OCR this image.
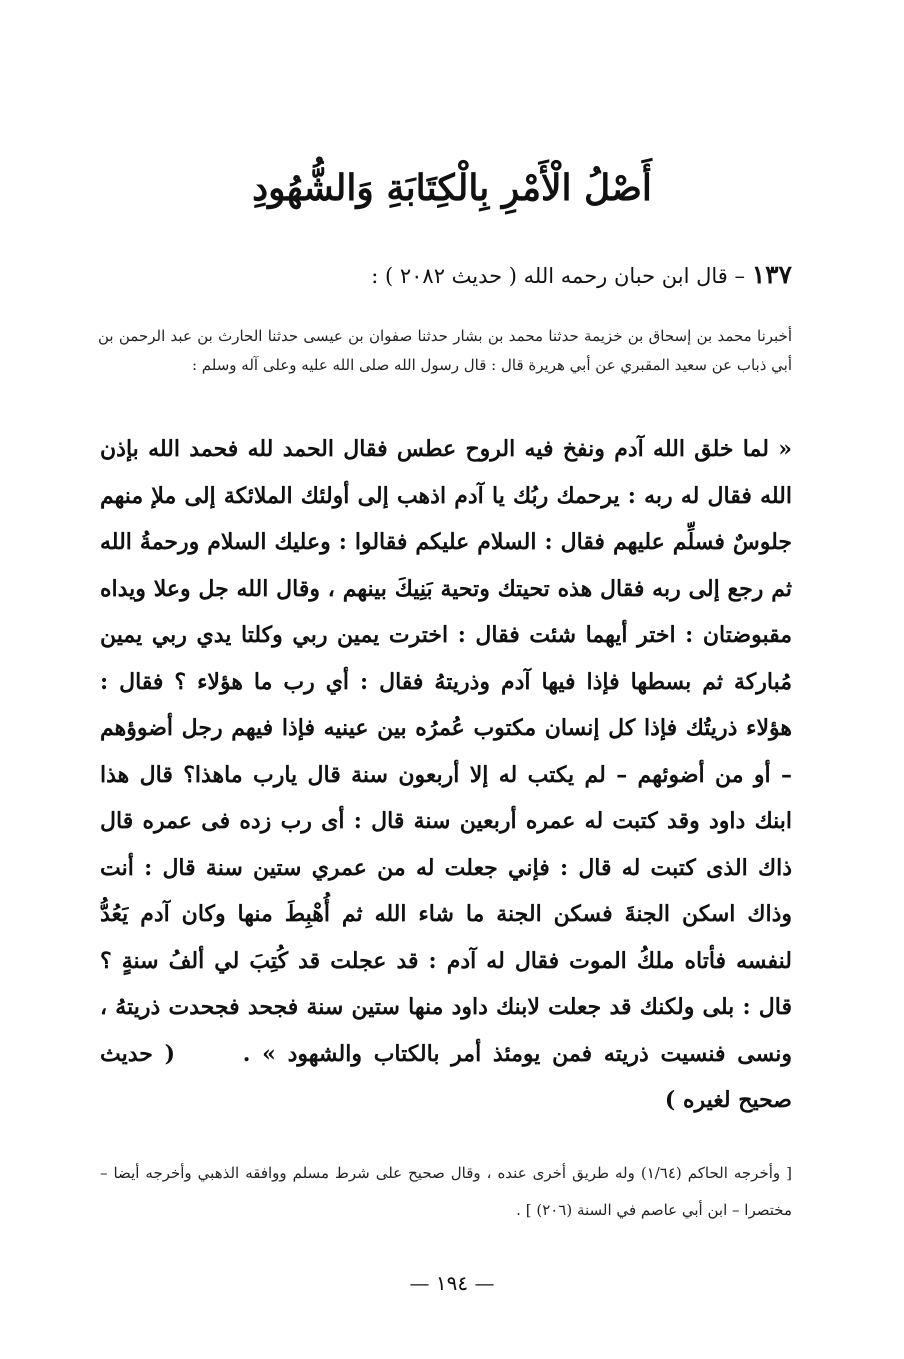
أَصْلُ الْأَمْرِ بِالْكِتَابَةِ وَالشُّهُودِ
١٣٧ – قال ابن حبان رحمه الله ( حديث ٢٠٨٢ ) :
أخبرنا محمد بن إسحاق بن خزيمة حدثنا محمد بن بشار حدثنا صفوان بن عيسى حدثنا الحارث بن عبد الرحمن بن أبي ذباب عن سعيد المقبري عن أبي هريرة قال : قال رسول الله صلى الله عليه وعلى آله وسلم :
« لما خلق الله آدم ونفخ فيه الروح عطس فقال الحمد لله فحمد الله بإذن الله فقال له ربه : يرحمك ربُك يا آدم اذهب إلى أولئك الملائكة إلى ملإ منهم جلوسٌ فسلِّم عليهم فقال : السلام عليكم فقالوا : وعليك السلام ورحمةُ الله ثم رجع إلى ربه فقال هذه تحيتك وتحية بَنِيكَ بينهم ، وقال الله جل وعلا ويداه مقبوضتان : اختر أيهما شئت فقال : اخترت يمين ربي وكلتا يدي ربي يمين مُباركة ثم بسطها فإذا فيها آدم وذريتهُ فقال : أي رب ما هؤلاء ؟ فقال : هؤلاء ذريتُك فإذا كل إنسان مكتوب عُمرُه بين عينيه فإذا فيهم رجل أضوؤهم – أو من أضوئهم – لم يكتب له إلا أربعون سنة قال يارب ماهذا؟ قال هذا ابنك داود وقد كتبت له عمره أربعين سنة قال : أى رب زده فى عمره قال ذاك الذى كتبت له قال : فإني جعلت له من عمري ستين سنة قال : أنت وذاك اسكن الجنةَ فسكن الجنة ما شاء الله ثم أُهْبِطَ منها وكان آدم يَعُدُّ لنفسه فأتاه ملكُ الموت فقال له آدم : قد عجلت قد كُتِبَ لي ألفُ سنةٍ ؟ قال : بلى ولكنك قد جعلت لابنك داود منها ستين سنة فجحد فجحدت ذريتهُ ، ونسى فنسيت ذريته فمن يومئذ أمر بالكتاب والشهود » . ( حديث صحيح لغيره )
[ وأخرجه الحاكم (١/٦٤) وله طريق أخرى عنده ، وقال صحيح على شرط مسلم ووافقه الذهبي وأخرجه أيضا – مختصرا – ابن أبي عاصم في السنة (٢٠٦) ] .
— ١٩٤ —
